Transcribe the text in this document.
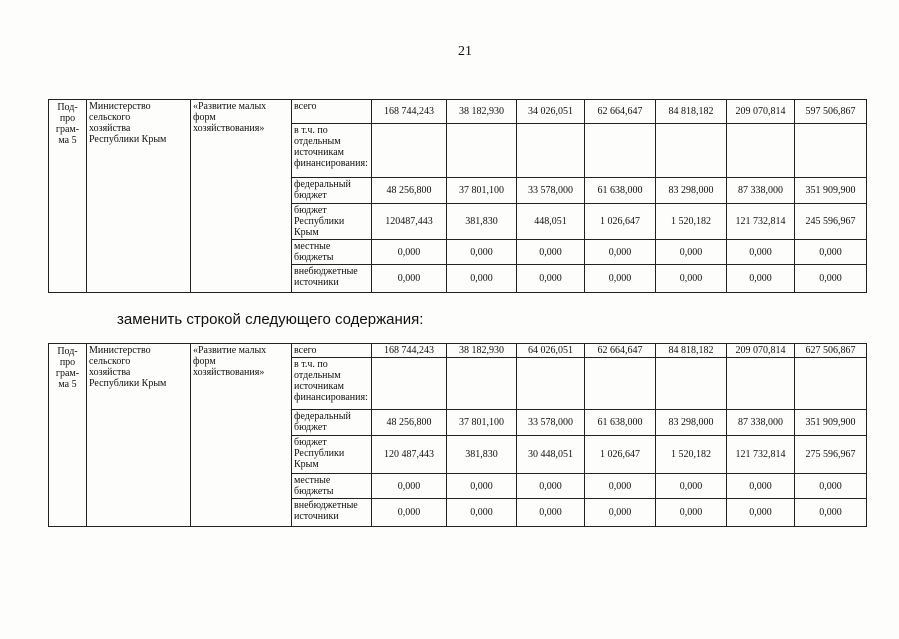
21
Под-
про
грам-
ма 5	Министерство
сельского
хозяйства
Республики Крым	«Развитие малых
форм
хозяйствования»	всего	168 744,243	38 182,930	34 026,051	62 664,647	84 818,182	209 070,814	597 506,867
			в т.ч. по
отдельным
источникам
финансирования:							
			федеральный
бюджет	48 256,800	37 801,100	33 578,000	61 638,000	83 298,000	87 338,000	351 909,900
			бюджет
Республики
Крым	120487,443	381,830	448,051	1 026,647	1 520,182	121 732,814	245 596,967
			местные
бюджеты	0,000	0,000	0,000	0,000	0,000	0,000	0,000
			внебюджетные
источники	0,000	0,000	0,000	0,000	0,000	0,000	0,000
заменить строкой следующего содержания:
Под-
про
грам-
ма 5	Министерство
сельского
хозяйства
Республики Крым	«Развитие малых
форм
хозяйствования»	всего	168 744,243	38 182,930	64 026,051	62 664,647	84 818,182	209 070,814	627 506,867
			в т.ч. по
отдельным
источникам
финансирования:							
			федеральный
бюджет	48 256,800	37 801,100	33 578,000	61 638,000	83 298,000	87 338,000	351 909,900
			бюджет
Республики
Крым	120 487,443	381,830	30 448,051	1 026,647	1 520,182	121 732,814	275 596,967
			местные
бюджеты	0,000	0,000	0,000	0,000	0,000	0,000	0,000
			внебюджетные
источники	0,000	0,000	0,000	0,000	0,000	0,000	0,000
